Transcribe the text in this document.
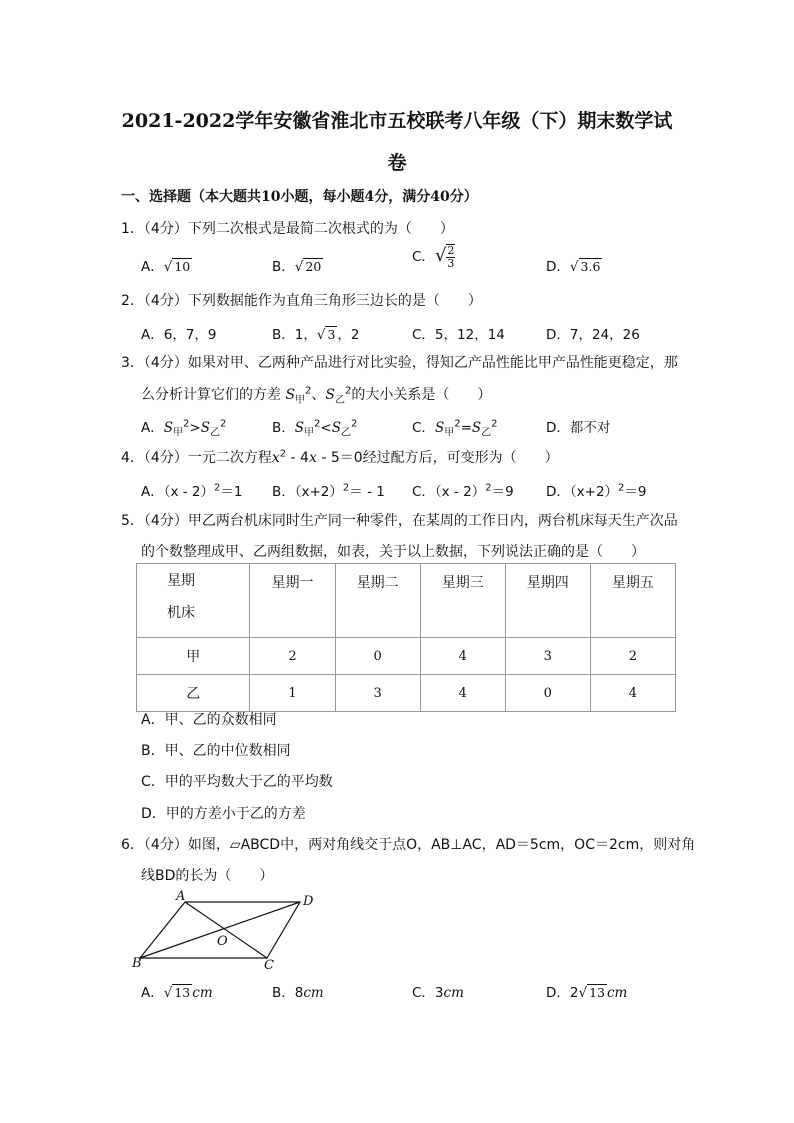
2021-2022学年安徽省淮北市五校联考八年级（下）期末数学试
卷
一、选择题（本大题共10小题，每小题4分，满分40分）
1．（4分）下列二次根式是最简二次根式的为（　　）
A．√ 10	B．√ 20
C．√ $\frac{2}{3}$	D．√ 3.6
2．（4分）下列数据能作为直角三角形三边长的是（　　）
A．6，7，9	B．1，√ 3 ，2	C．5，12，14	D．7，24，26
3．（4分）如果对甲、乙两种产品进行对比实验，得知乙产品性能比甲产品性能更稳定，那
么分析计算它们的方差 $S_甲^2$、$S_乙^2$的大小关系是（　　）
A．$S_甲^2>S_乙^2$	B．$S_甲^2<S_乙^2$	C．$S_甲^2=S_乙^2$	D．都不对
4．（4分）一元二次方程$x^2 - 4x - 5=0$经过配方后，可变形为（　　）
A．（x - 2）$^2$＝1 B．$(x+2)^2= - 1$ C．（x - 2）$^2$＝9 D．$(x+2)^2=9$
5．（4分）甲乙两台机床同时生产同一种零件，在某周的工作日内，两台机床每天生产次品
的个数整理成甲、乙两组数据，如表，关于以上数据，下列说法正确的是（　　）
星期
机床	星期一	星期二	星期三	星期四	星期五
甲	2	0	4	3	2
乙	1	3	4	0	4
A．甲、乙的众数相同
B．甲、乙的中位数相同
C．甲的平均数大于乙的平均数
D．甲的方差小于乙的方差
6．（4分）如图，▱ABCD中，两对角线交于点O，AB⊥AC，AD＝5cm，OC＝2cm，则对角
线BD的长为（　　）
A	D
B	C
O
A．√ 13 cm	B．8cm	C．3cm	D．2√ 13 cm
